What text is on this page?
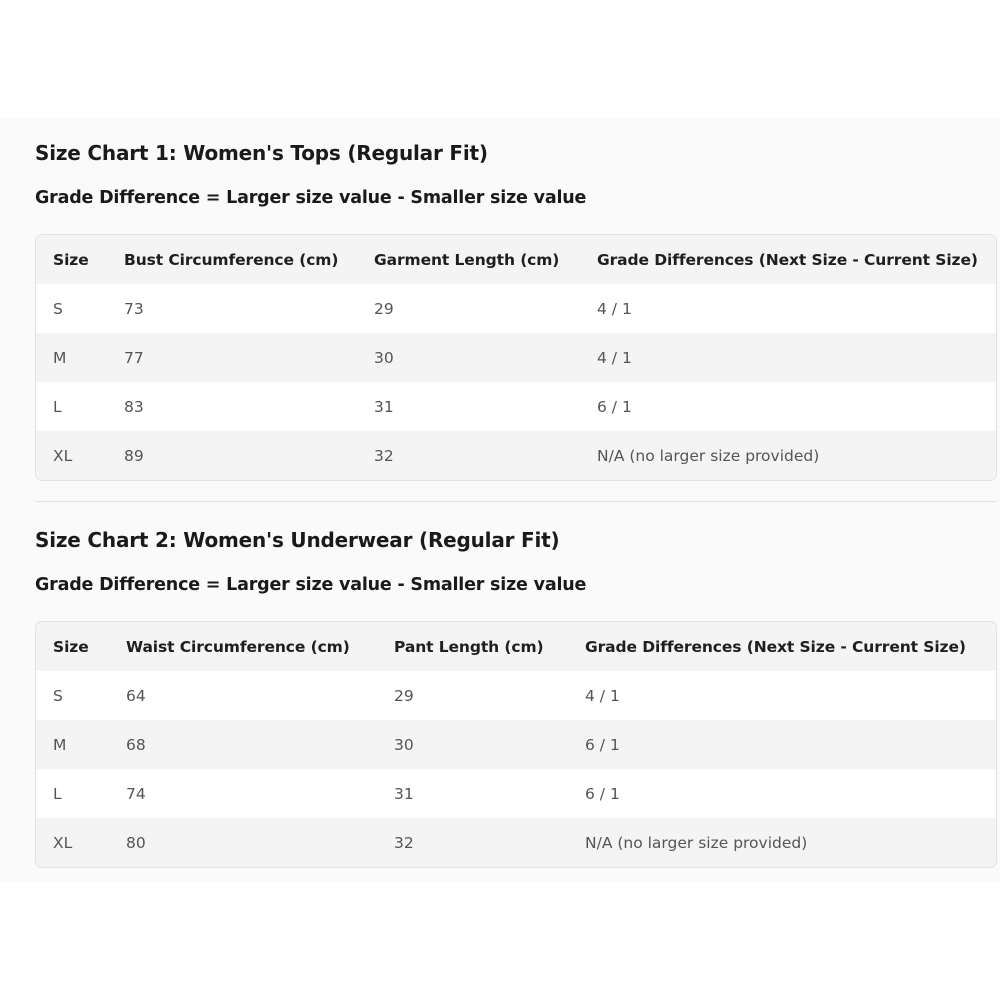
Size Chart 1: Women's Tops (Regular Fit)
Grade Difference = Larger size value - Smaller size value
Size	Bust Circumference (cm)	Garment Length (cm)	Grade Differences (Next Size - Current Size)
S	73	29	4 / 1
M	77	30	4 / 1
L	83	31	6 / 1
XL	89	32	N/A (no larger size provided)
Size Chart 2: Women's Underwear (Regular Fit)
Grade Difference = Larger size value - Smaller size value
Size	Waist Circumference (cm)	Pant Length (cm)	Grade Differences (Next Size - Current Size)
S	64	29	4 / 1
M	68	30	6 / 1
L	74	31	6 / 1
XL	80	32	N/A (no larger size provided)
